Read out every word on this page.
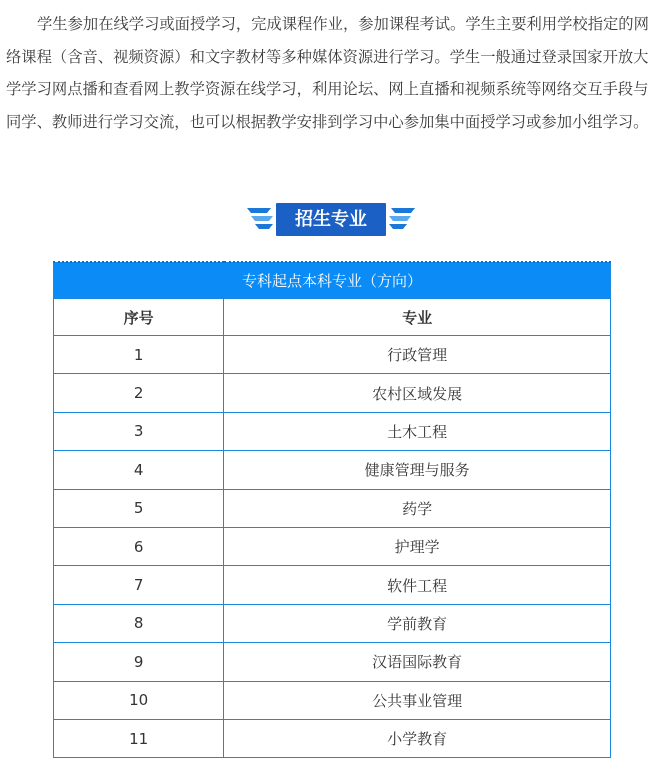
学生参加在线学习或面授学习，完成课程作业，参加课程考试。学生主要利用学校指定的网络课程（含音、视频资源）和文字教材等多种媒体资源进行学习。学生一般通过登录国家开放大学学习网点播和查看网上教学资源在线学习，利用论坛、网上直播和视频系统等网络交互手段与同学、教师进行学习交流，也可以根据教学安排到学习中心参加集中面授学习或参加小组学习。
招生专业
专科起点本科专业（方向）	
序号	专业
1	行政管理
2	农村区域发展
3	土木工程
4	健康管理与服务
5	药学
6	护理学
7	软件工程
8	学前教育
9	汉语国际教育
10	公共事业管理
11	小学教育
